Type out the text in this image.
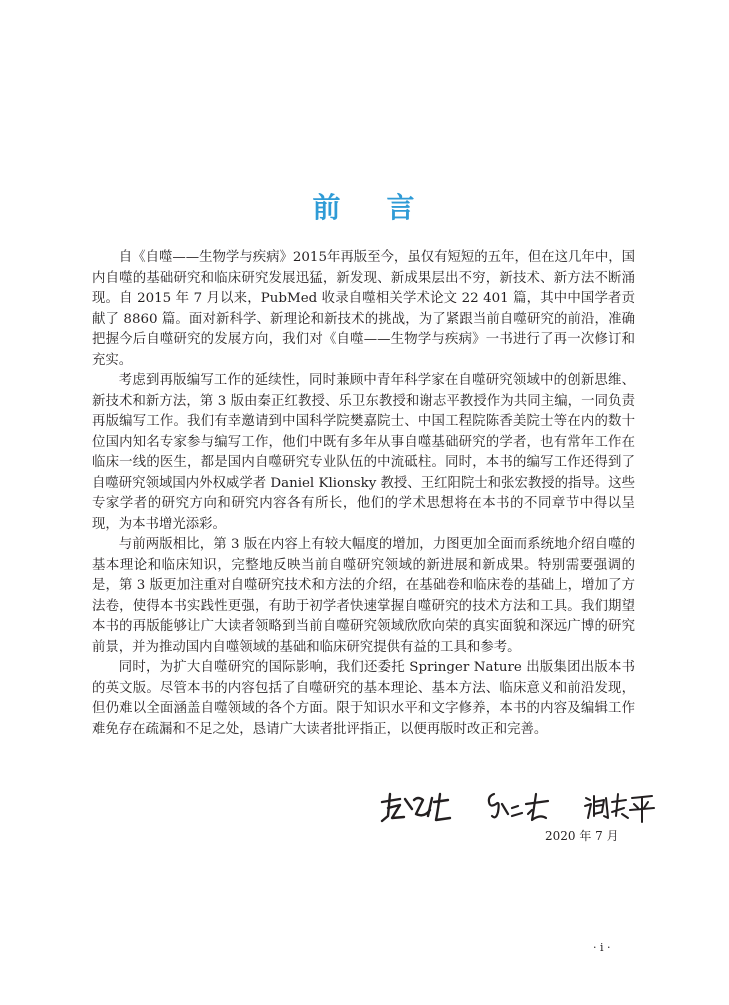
前 言

自《自噬——生物学与疾病》2015年再版至今，虽仅有短短的五年，但在这几年中，国内自噬的基础研究和临床研究发展迅猛，新发现、新成果层出不穷，新技术、新方法不断涌现。自 2015 年 7 月以来，PubMed 收录自噬相关学术论文 22 401 篇，其中中国学者贡献了 8860 篇。面对新科学、新理论和新技术的挑战，为了紧跟当前自噬研究的前沿，准确把握今后自噬研究的发展方向，我们对《自噬——生物学与疾病》一书进行了再一次修订和充实。

考虑到再版编写工作的延续性，同时兼顾中青年科学家在自噬研究领域中的创新思维、新技术和新方法，第 3 版由秦正红教授、乐卫东教授和谢志平教授作为共同主编，一同负责再版编写工作。我们有幸邀请到中国科学院樊嘉院士、中国工程院陈香美院士等在内的数十位国内知名专家参与编写工作，他们中既有多年从事自噬基础研究的学者，也有常年工作在临床一线的医生，都是国内自噬研究专业队伍的中流砥柱。同时，本书的编写工作还得到了自噬研究领域国内外权威学者 Daniel Klionsky 教授、王红阳院士和张宏教授的指导。这些专家学者的研究方向和研究内容各有所长，他们的学术思想将在本书的不同章节中得以呈现，为本书增光添彩。

与前两版相比，第 3 版在内容上有较大幅度的增加，力图更加全面而系统地介绍自噬的基本理论和临床知识，完整地反映当前自噬研究领域的新进展和新成果。特别需要强调的是，第 3 版更加注重对自噬研究技术和方法的介绍，在基础卷和临床卷的基础上，增加了方法卷，使得本书实践性更强，有助于初学者快速掌握自噬研究的技术方法和工具。我们期望本书的再版能够让广大读者领略到当前自噬研究领域欣欣向荣的真实面貌和深远广博的研究前景，并为推动国内自噬领域的基础和临床研究提供有益的工具和参考。

同时，为扩大自噬研究的国际影响，我们还委托 Springer Nature 出版集团出版本书的英文版。尽管本书的内容包括了自噬研究的基本理论、基本方法、临床意义和前沿发现，但仍难以全面涵盖自噬领域的各个方面。限于知识水平和文字修养，本书的内容及编辑工作难免存在疏漏和不足之处，恳请广大读者批评指正，以便再版时改正和完善。

2020 年 7 月
· i ·
